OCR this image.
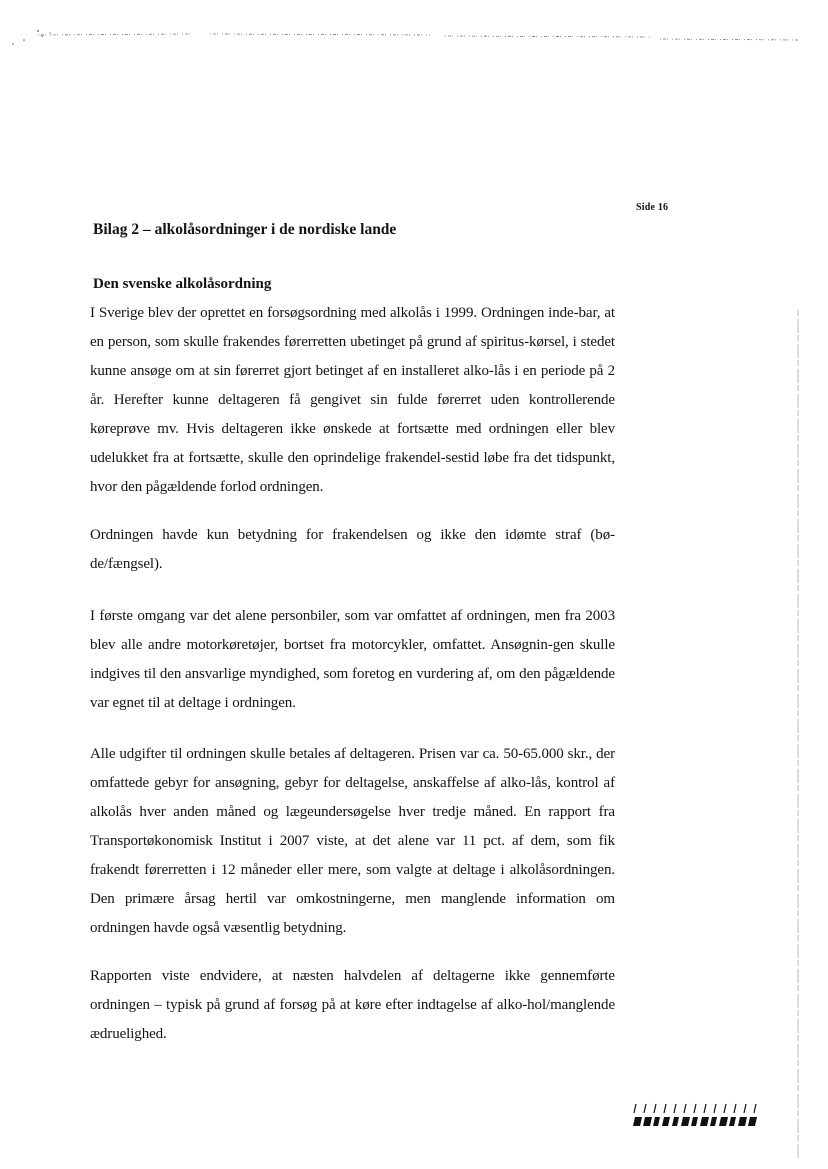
Side 16
Bilag 2 – alkolåsordninger i de nordiske lande
Den svenske alkolåsordning

I Sverige blev der oprettet en forsøgsordning med alkolås i 1999. Ordningen inde-bar, at en person, som skulle frakendes førerretten ubetinget på grund af spiritus-kørsel, i stedet kunne ansøge om at sin førerret gjort betinget af en installeret alko-lås i en periode på 2 år. Herefter kunne deltageren få gengivet sin fulde førerret uden kontrollerende køreprøve mv. Hvis deltageren ikke ønskede at fortsætte med ordningen eller blev udelukket fra at fortsætte, skulle den oprindelige frakendel-sestid løbe fra det tidspunkt, hvor den pågældende forlod ordningen.

Ordningen havde kun betydning for frakendelsen og ikke den idømte straf (bø-de/fængsel).

I første omgang var det alene personbiler, som var omfattet af ordningen, men fra 2003 blev alle andre motorkøretøjer, bortset fra motorcykler, omfattet. Ansøgnin-gen skulle indgives til den ansvarlige myndighed, som foretog en vurdering af, om den pågældende var egnet til at deltage i ordningen.

Alle udgifter til ordningen skulle betales af deltageren. Prisen var ca. 50-65.000 skr., der omfattede gebyr for ansøgning, gebyr for deltagelse, anskaffelse af alko-lås, kontrol af alkolås hver anden måned og lægeundersøgelse hver tredje måned. En rapport fra Transportøkonomisk Institut i 2007 viste, at det alene var 11 pct. af dem, som fik frakendt førerretten i 12 måneder eller mere, som valgte at deltage i alkolåsordningen. Den primære årsag hertil var omkostningerne, men manglende information om ordningen havde også væsentlig betydning.

Rapporten viste endvidere, at næsten halvdelen af deltagerne ikke gennemførte ordningen – typisk på grund af forsøg på at køre efter indtagelse af alko-hol/manglende ædruelighed.
